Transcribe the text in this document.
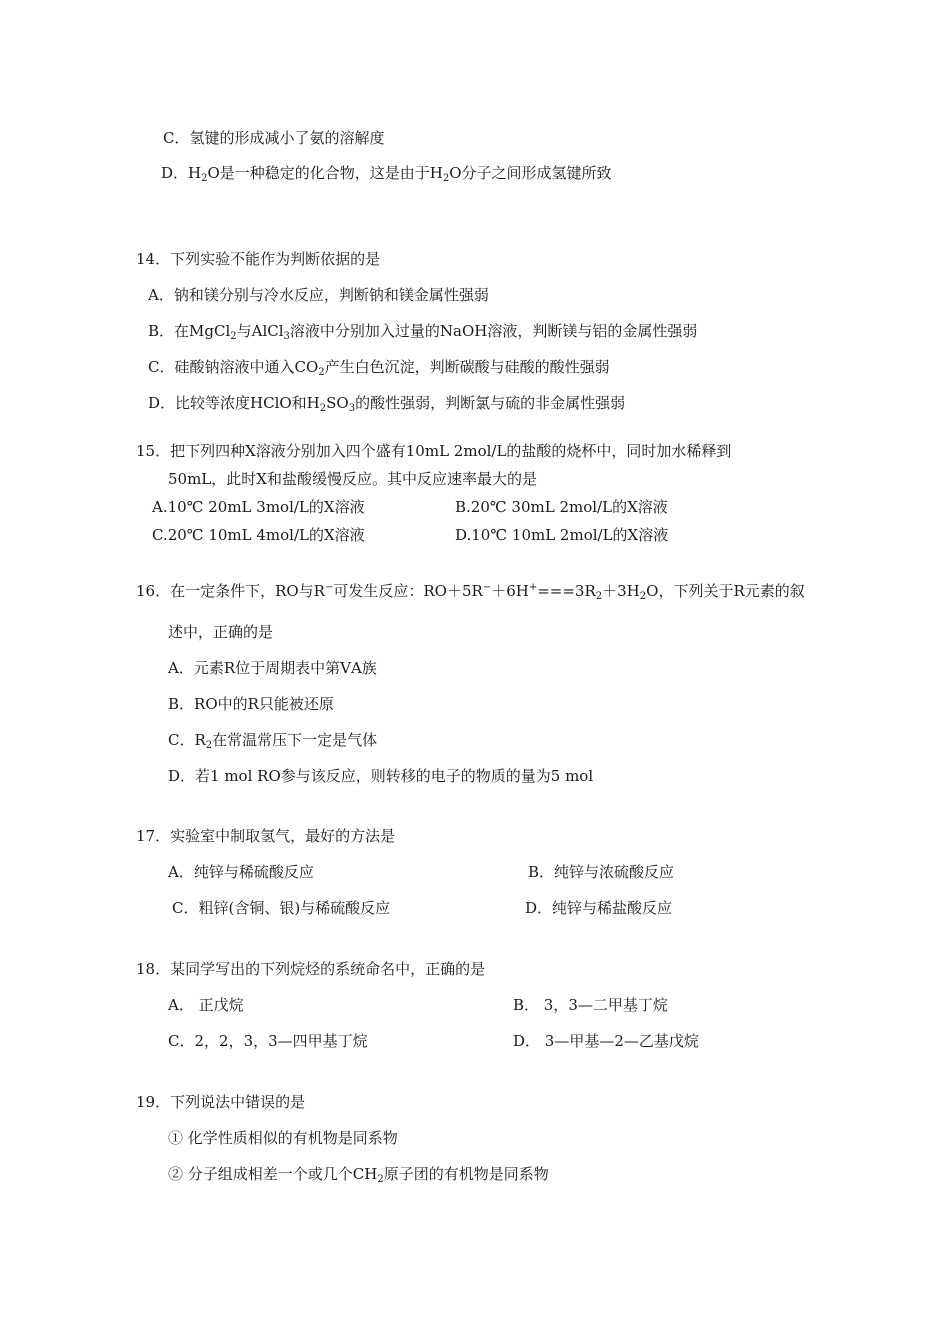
C．氢键的形成减小了氨的溶解度
D．$H_2O$是一种稳定的化合物，这是由于$H_2O$分子之间形成氢键所致
14．下列实验不能作为判断依据的是
A．钠和镁分别与冷水反应，判断钠和镁金属性强弱
B．在MgCl$_2$与AlCl$_3$溶液中分别加入过量的NaOH溶液，判断镁与铝的金属性强弱
C．硅酸钠溶液中通入$CO_2$产生白色沉淀，判断碳酸与硅酸的酸性强弱
D．比较等浓度HClO和$H_2SO_3$的酸性强弱，判断氯与硫的非金属性强弱
15．把下列四种X溶液分别加入四个盛有10mL 2mol/L的盐酸的烧杯中，同时加水稀释到
50mL，此时X和盐酸缓慢反应。其中反应速率最大的是
A.10℃ 20mL 3mol/L的X溶液	B.20℃ 30mL 2mol/L的X溶液
C.20℃ 10mL 4mol/L的X溶液	D.10℃ 10mL 2mol/L的X溶液
16．在一定条件下，RO与R−可发生反应：$RO+5R^-+6H^+===3R_2+3H_2O$，下列关于R元素的叙
述中，正确的是
A．元素R位于周期表中第ⅤA族
B．RO中的R只能被还原
C．$R_2$在常温常压下一定是气体
D．若1 mol RO参与该反应，则转移的电子的物质的量为5 mol
17．实验室中制取氢气，最好的方法是
A．纯锌与稀硫酸反应	B．纯锌与浓硫酸反应
C．粗锌(含铜、银)与稀硫酸反应	D．纯锌与稀盐酸反应
18．某同学写出的下列烷烃的系统命名中，正确的是
A． 正戊烷	B． 3，3—二甲基丁烷
C．2，2，3，3—四甲基丁烷	D． 3—甲基—2—乙基戊烷
19．下列说法中错误的是
① 化学性质相似的有机物是同系物
② 分子组成相差一个或几个$CH_2$原子团的有机物是同系物
